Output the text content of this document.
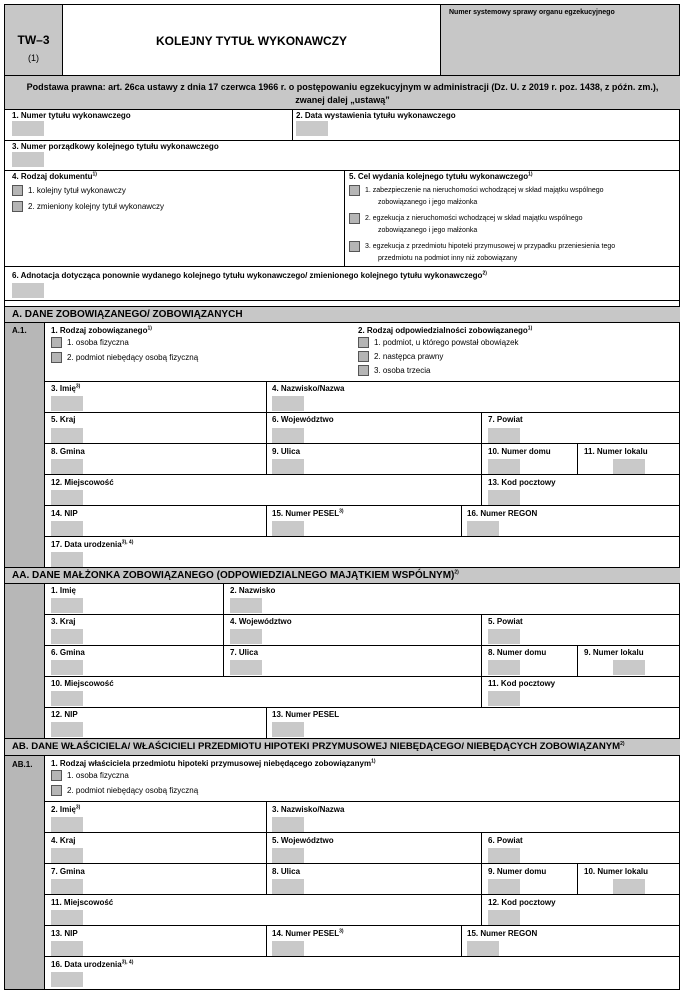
TW–3
(1)
KOLEJNY TYTUŁ WYKONAWCZY
Numer systemowy sprawy organu egzekucyjnego
Podstawa prawna: art. 26ca ustawy z dnia 17 czerwca 1966 r. o postępowaniu egzekucyjnym w administracji (Dz. U. z 2019 r. poz. 1438, z późn. zm.),
zwanej dalej „ustawą”
1. Numer tytułu wykonawczego	2. Data wystawienia tytułu wykonawczego
3. Numer porządkowy kolejnego tytułu wykonawczego
4. Rodzaj dokumentu$^{1)}$
1. kolejny tytuł wykonawczy
2. zmieniony kolejny tytuł wykonawczy
5. Cel wydania kolejnego tytułu wykonawczego$^{1)}$
1. zabezpieczenie na nieruchomości wchodzącej w skład majątku wspólnego
zobowiązanego i jego małżonka
2. egzekucja z nieruchomości wchodzącej w skład majątku wspólnego
zobowiązanego i jego małżonka
3. egzekucja z przedmiotu hipoteki przymusowej w przypadku przeniesienia tego
przedmiotu na podmiot inny niż zobowiązany
6. Adnotacja dotycząca ponownie wydanego kolejnego tytułu wykonawczego/ zmienionego kolejnego tytułu wykonawczego$^{2)}$
A. DANE ZOBOWIĄZANEGO/ ZOBOWIĄZANYCH
A.1.	1. Rodzaj zobowiązanego$^{1)}$
1. osoba fizyczna
2. podmiot niebędący osobą fizyczną
2. Rodzaj odpowiedzialności zobowiązanego$^{1)}$
1. podmiot, u którego powstał obowiązek
2. następca prawny
3. osoba trzecia
3. Imię$^{3)}$	4. Nazwisko/Nazwa
5. Kraj	6. Województwo	7. Powiat
8. Gmina	9. Ulica	10. Numer domu	11. Numer lokalu
12. Miejscowość	13. Kod pocztowy
14. NIP	15. Numer PESEL$^{3)}$	16. Numer REGON
17. Data urodzenia$^{3), 4)}$
AA. DANE MAŁŻONKA ZOBOWIĄZANEGO (ODPOWIEDZIALNEGO MAJĄTKIEM WSPÓLNYM)$^{2)}$
1. Imię	2. Nazwisko
3. Kraj	4. Województwo	5. Powiat
6. Gmina	7. Ulica	8. Numer domu	9. Numer lokalu
10. Miejscowość	11. Kod pocztowy
12. NIP	13. Numer PESEL
AB. DANE WŁAŚCICIELA/ WŁAŚCICIELI PRZEDMIOTU HIPOTEKI PRZYMUSOWEJ NIEBĘDĄCEGO/ NIEBĘDĄCYCH ZOBOWIĄZANYM$^{2)}$
AB.1. 1. Rodzaj właściciela przedmiotu hipoteki przymusowej niebędącego zobowiązanym$^{1)}$
1. osoba fizyczna
2. podmiot niebędący osobą fizyczną
2. Imię$^{3)}$	3. Nazwisko/Nazwa
4. Kraj	5. Województwo	6. Powiat
7. Gmina	8. Ulica	9. Numer domu	10. Numer lokalu
11. Miejscowość	12. Kod pocztowy
13. NIP	14. Numer PESEL$^{3)}$	15. Numer REGON
16. Data urodzenia$^{3), 4)}$
